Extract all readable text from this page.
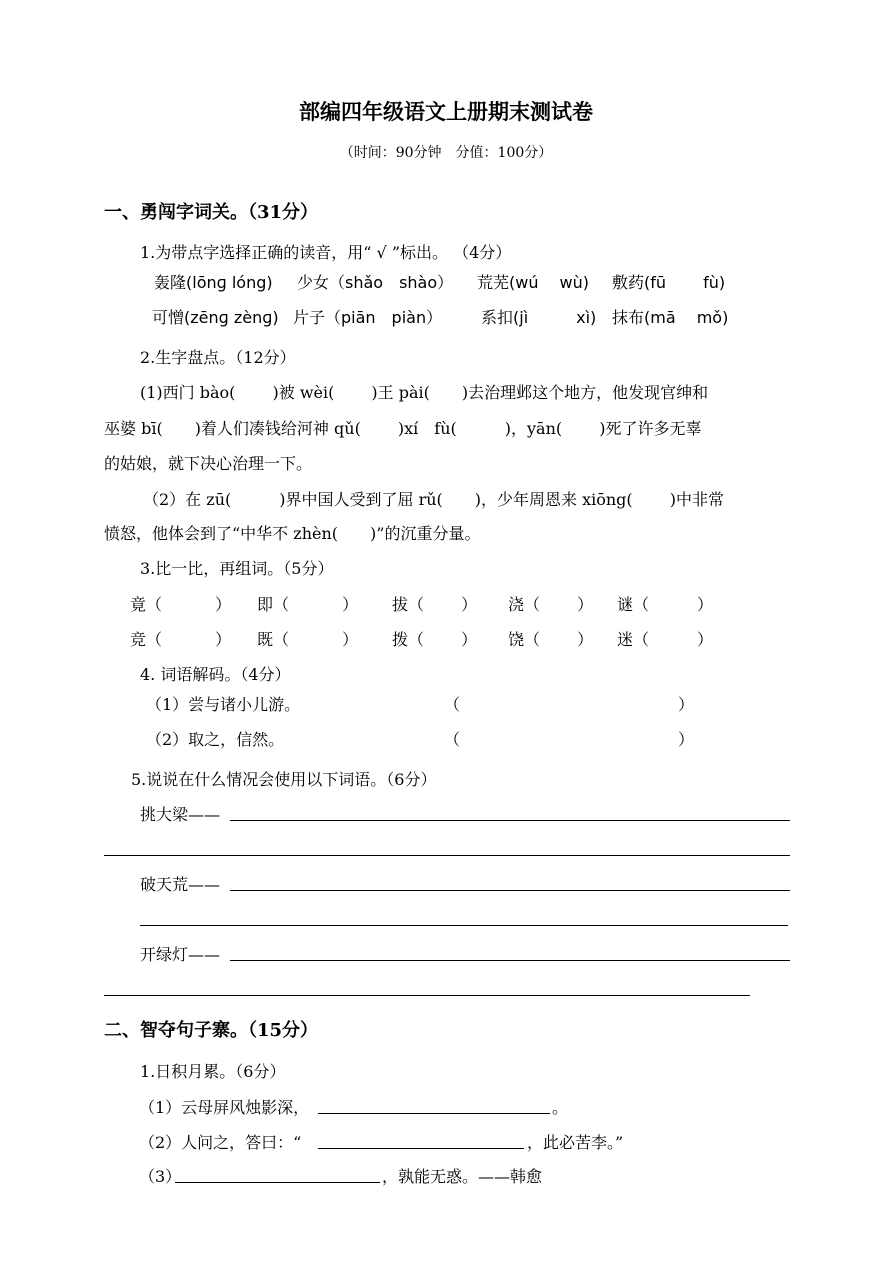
部编四年级语文上册期末测试卷
（时间：90分钟　分值：100分）
一、勇闯字词关。（31分）
1.为带点字选择正确的读音，用“ √ ”标出。 （4分）
轰隆(lōnɡ lóng) 少女（shǎo　shào） 荒芜(wú　 wù) 敷药(fū　　 fù)
可憎(zēnɡ zènɡ) 片子（piān　piàn） 系扣(jì　　　xì) 抹布(mā　 mǒ)
2.生字盘点。（12分）
(1)西门 bào(　　 )被 wèi(　　 )王 pài(　　)去治理邺这个地方，他发现官绅和
巫婆 bī(　　)着人们凑钱给河神 qǔ(　　 )xí　fù(　　　)，yān(　　 )死了许多无辜
的姑娘，就下决心治理一下。
（2）在 zū(　　　)界中国人受到了屈 rǔ(　　)，少年周恩来 xiōng(　　 )中非常
愤怒，他体会到了“中华不 zhèn(　　)”的沉重分量。
3.比一比，再组词。（5分）
竟（　　　 ） 即（　　　 ） 拔（　　 ） 浇（　　 ） 谜（　　　）
竞（　　　 ） 既（　　　 ） 拨（　　 ） 饶（　　 ） 迷（　　　）
4. 词语解码。（4分）
（1）尝与诸小儿游。	（	）
（2）取之，信然。	（	）
5.说说在什么情况会使用以下词语。（6分）
挑大梁——
破天荒——
开绿灯——
二、智夺句子寨。（15分）
1.日积月累。（6分）
（1）云母屏风烛影深，	。
（2）人问之，答曰：“	，此必苦李。”
（3）	，孰能无惑。——韩愈
